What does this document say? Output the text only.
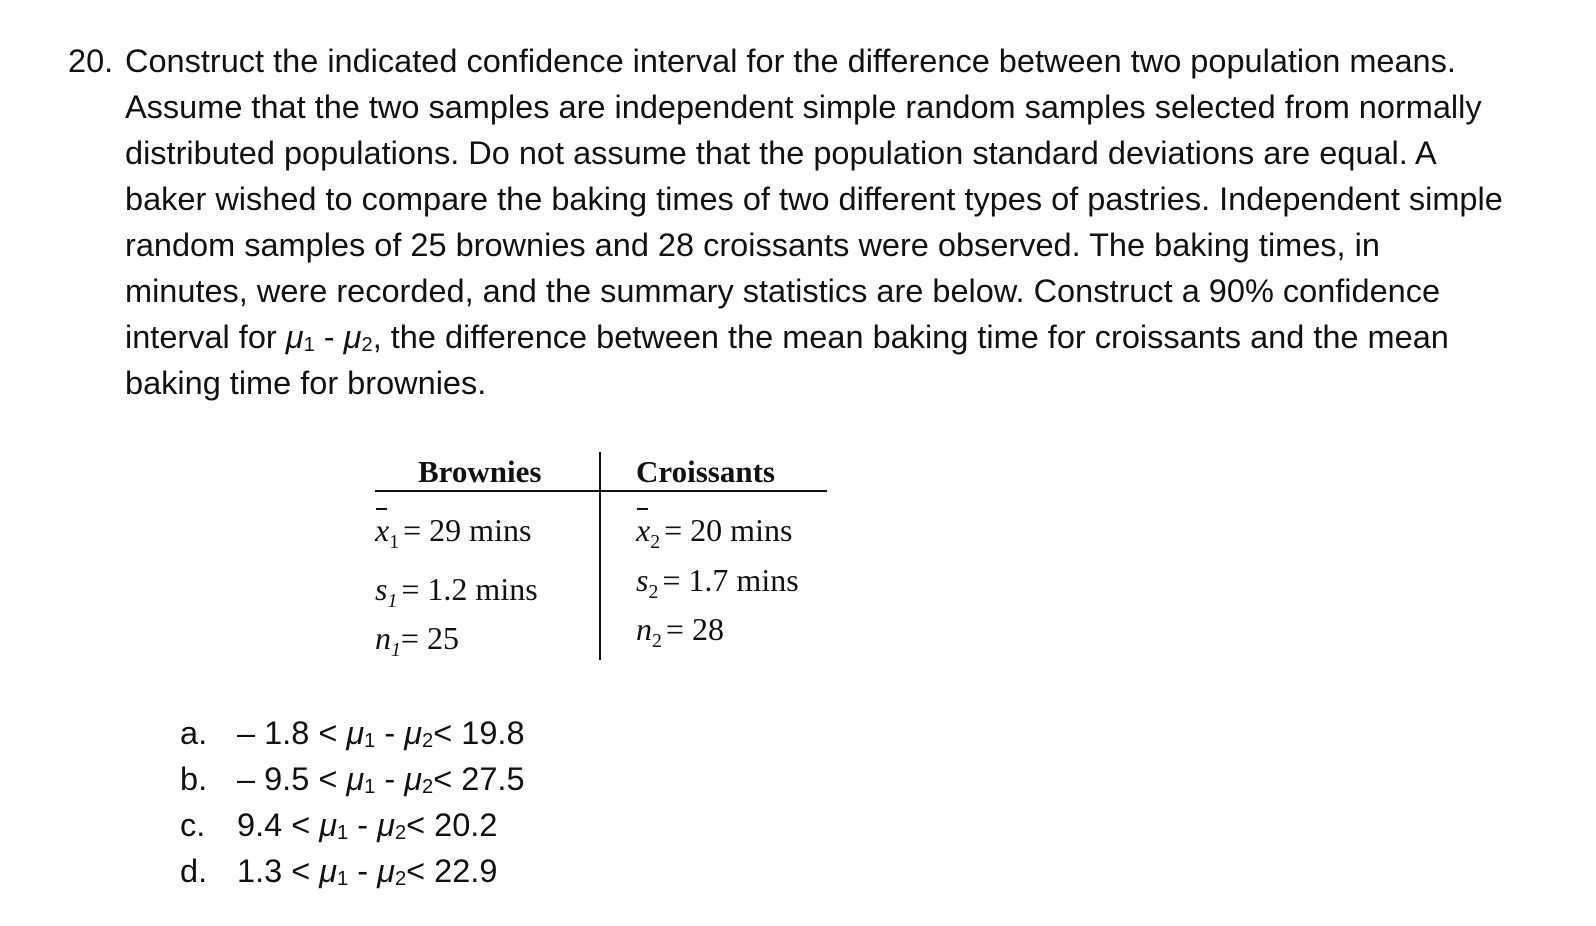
20. Construct the indicated confidence interval for the difference between two population means. Assume that the two samples are independent simple random samples selected from normally distributed populations. Do not assume that the population standard deviations are equal. A baker wished to compare the baking times of two different types of pastries. Independent simple random samples of 25 brownies and 28 croissants were observed. The baking times, in minutes, were recorded, and the summary statistics are below. Construct a 90% confidence interval for $\mu_1 - \mu_2$, the difference between the mean baking time for croissants and the mean baking time for brownies.
Brownies	Croissants
$x_1 = 29$ mins
$s_1 = 1.2$ mins
$n_1= 25$
$x_2 = 20$ mins
$s_2 = 1.7$ mins
$n_2 = 28$
a. – $1.8 < \mu_1 - \mu_2< 19.8$
b. – $9.5 < \mu_1 - \mu_2< 27.5$
c. $9.4 < \mu_1 - \mu_2< 20.2$
d. $1.3 < \mu_1 - \mu_2< 22.9$
